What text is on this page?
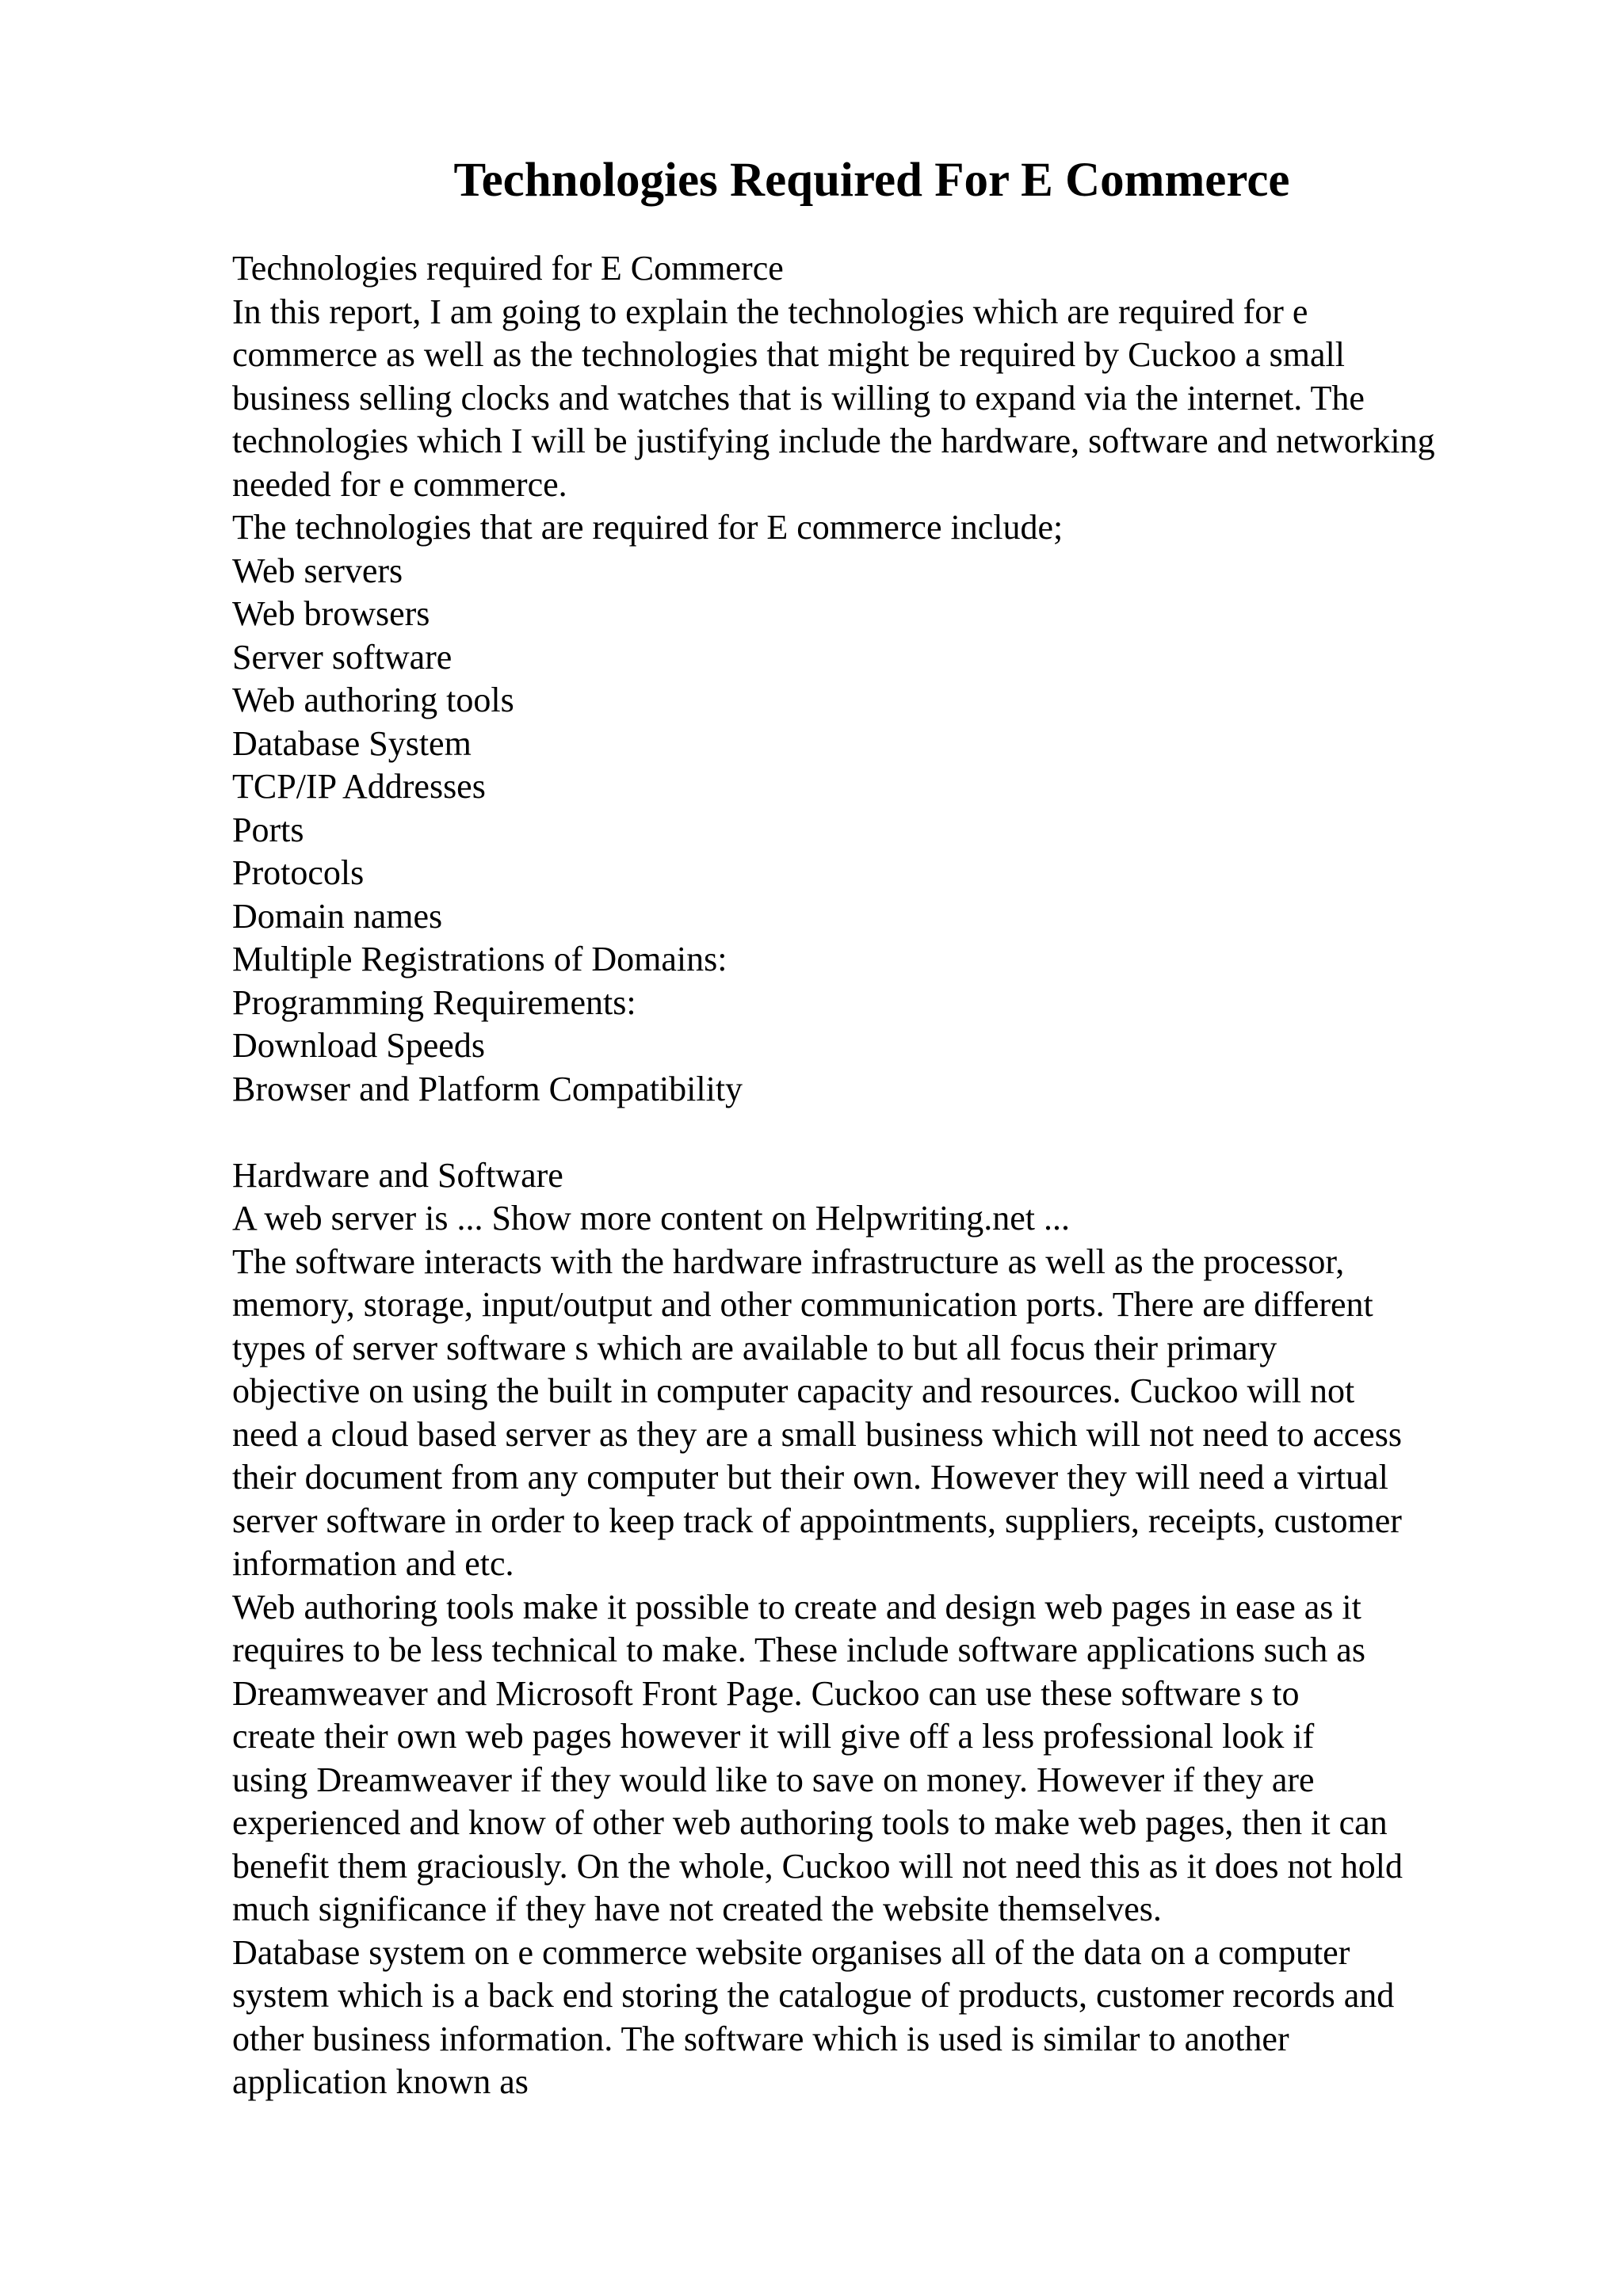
Technologies Required For E Commerce
Technologies required for E Commerce
In this report, I am going to explain the technologies which are required for e
commerce as well as the technologies that might be required by Cuckoo a small
business selling clocks and watches that is willing to expand via the internet. The
technologies which I will be justifying include the hardware, software and networking
needed for e commerce.
The technologies that are required for E commerce include;
Web servers
Web browsers
Server software
Web authoring tools
Database System
TCP/IP Addresses
Ports
Protocols
Domain names
Multiple Registrations of Domains:
Programming Requirements:
Download Speeds
Browser and Platform Compatibility
Hardware and Software
A web server is ... Show more content on Helpwriting.net ...
The software interacts with the hardware infrastructure as well as the processor,
memory, storage, input/output and other communication ports. There are different
types of server software s which are available to but all focus their primary
objective on using the built in computer capacity and resources. Cuckoo will not
need a cloud based server as they are a small business which will not need to access
their document from any computer but their own. However they will need a virtual
server software in order to keep track of appointments, suppliers, receipts, customer
information and etc.
Web authoring tools make it possible to create and design web pages in ease as it
requires to be less technical to make. These include software applications such as
Dreamweaver and Microsoft Front Page. Cuckoo can use these software s to
create their own web pages however it will give off a less professional look if
using Dreamweaver if they would like to save on money. However if they are
experienced and know of other web authoring tools to make web pages, then it can
benefit them graciously. On the whole, Cuckoo will not need this as it does not hold
much significance if they have not created the website themselves.
Database system on e commerce website organises all of the data on a computer
system which is a back end storing the catalogue of products, customer records and
other business information. The software which is used is similar to another
application known as
